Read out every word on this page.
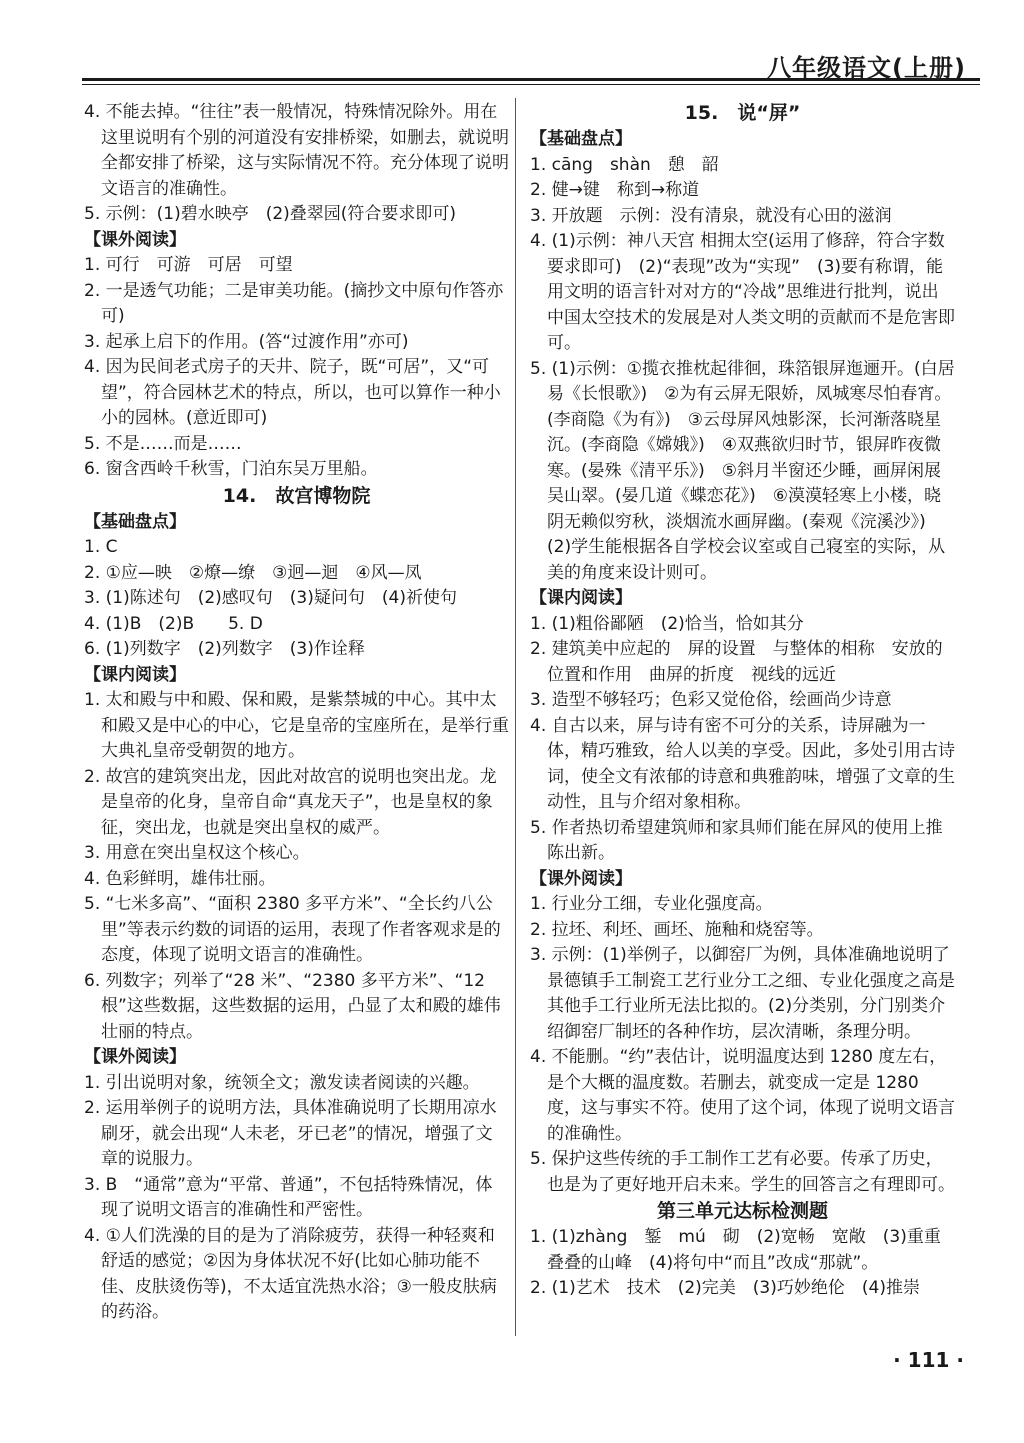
八年级语文(上册)

4. 不能去掉。“往往”表一般情况，特殊情况除外。用在这里说明有个别的河道没有安排桥梁，如删去，就说明全都安排了桥梁，这与实际情况不符。充分体现了说明文语言的准确性。

5. 示例：(1)碧水映亭　(2)叠翠园(符合要求即可)

【课外阅读】

1. 可行　可游　可居　可望

2. 一是透气功能；二是审美功能。(摘抄文中原句作答亦可)

3. 起承上启下的作用。(答“过渡作用”亦可)

4. 因为民间老式房子的天井、院子，既“可居”，又“可望”，符合园林艺术的特点，所以，也可以算作一种小小的园林。(意近即可)

5. 不是……而是……

6. 窗含西岭千秋雪，门泊东吴万里船。

14.　故宫博物院

【基础盘点】

1. C

2. ①应—映　②燎—缭　③迥—迴　④风—凤

3. (1)陈述句　(2)感叹句　(3)疑问句　(4)祈使句

4. (1)B　(2)B　　5. D

6. (1)列数字　(2)列数字　(3)作诠释

【课内阅读】

1. 太和殿与中和殿、保和殿，是紫禁城的中心。其中太和殿又是中心的中心，它是皇帝的宝座所在，是举行重大典礼皇帝受朝贺的地方。

2. 故宫的建筑突出龙，因此对故宫的说明也突出龙。龙是皇帝的化身，皇帝自命“真龙天子”，也是皇权的象征，突出龙，也就是突出皇权的威严。

3. 用意在突出皇权这个核心。

4. 色彩鲜明，雄伟壮丽。

5. “七米多高”、“面积 2380 多平方米”、“全长约八公里”等表示约数的词语的运用，表现了作者客观求是的态度，体现了说明文语言的准确性。

6. 列数字；列举了“28 米”、“2380 多平方米”、“12 根”这些数据，这些数据的运用，凸显了太和殿的雄伟壮丽的特点。

【课外阅读】

1. 引出说明对象，统领全文；激发读者阅读的兴趣。

2. 运用举例子的说明方法，具体准确说明了长期用凉水刷牙，就会出现“人未老，牙已老”的情况，增强了文章的说服力。

3. B　“通常”意为“平常、普通”，不包括特殊情况，体现了说明文语言的准确性和严密性。

4. ①人们洗澡的目的是为了消除疲劳，获得一种轻爽和舒适的感觉；②因为身体状况不好(比如心肺功能不佳、皮肤烫伤等)，不太适宜洗热水浴；③一般皮肤病的药浴。

15.　说“屏”

【基础盘点】

1. cāng　shàn　憩　韶

2. 健→键　称到→称道

3. 开放题　示例：没有清泉，就没有心田的滋润

4. (1)示例：神八天宫 相拥太空(运用了修辞，符合字数要求即可)　(2)“表现”改为“实现”　(3)要有称谓，能用文明的语言针对对方的“冷战”思维进行批判，说出中国太空技术的发展是对人类文明的贡献而不是危害即可。

5. (1)示例：①揽衣推枕起徘徊，珠箔银屏迤逦开。(白居易《长恨歌》)　②为有云屏无限娇，凤城寒尽怕春宵。(李商隐《为有》)　③云母屏风烛影深，长河渐落晓星沉。(李商隐《嫦娥》)　④双燕欲归时节，银屏昨夜微寒。(晏殊《清平乐》)　⑤斜月半窗还少睡，画屏闲展吴山翠。(晏几道《蝶恋花》)　⑥漠漠轻寒上小楼，晓阴无赖似穷秋，淡烟流水画屏幽。(秦观《浣溪沙》)　(2)学生能根据各自学校会议室或自己寝室的实际，从美的角度来设计则可。

【课内阅读】

1. (1)粗俗鄙陋　(2)恰当，恰如其分

2. 建筑美中应起的　屏的设置　与整体的相称　安放的位置和作用　曲屏的折度　视线的远近

3. 造型不够轻巧；色彩又觉伧俗，绘画尚少诗意

4. 自古以来，屏与诗有密不可分的关系，诗屏融为一体，精巧雅致，给人以美的享受。因此，多处引用古诗词，使全文有浓郁的诗意和典雅韵味，增强了文章的生动性，且与介绍对象相称。

5. 作者热切希望建筑师和家具师们能在屏风的使用上推陈出新。

【课外阅读】

1. 行业分工细，专业化强度高。

2. 拉坯、利坯、画坯、施釉和烧窑等。

3. 示例：(1)举例子，以御窑厂为例，具体准确地说明了景德镇手工制瓷工艺行业分工之细、专业化强度之高是其他手工行业所无法比拟的。(2)分类别，分门别类介绍御窑厂制坯的各种作坊，层次清晰，条理分明。

4. 不能删。“约”表估计，说明温度达到 1280 度左右，是个大概的温度数。若删去，就变成一定是 1280 度，这与事实不符。使用了这个词，体现了说明文语言的准确性。

5. 保护这些传统的手工制作工艺有必要。传承了历史，也是为了更好地开启未来。学生的回答言之有理即可。

第三单元达标检测题

1. (1)zhàng　錾　mú　砌　(2)宽畅　宽敞　(3)重重叠叠的山峰　(4)将句中“而且”改成“那就”。

2. (1)艺术　技术　(2)完美　(3)巧妙绝伦　(4)推崇

· 111 ·
